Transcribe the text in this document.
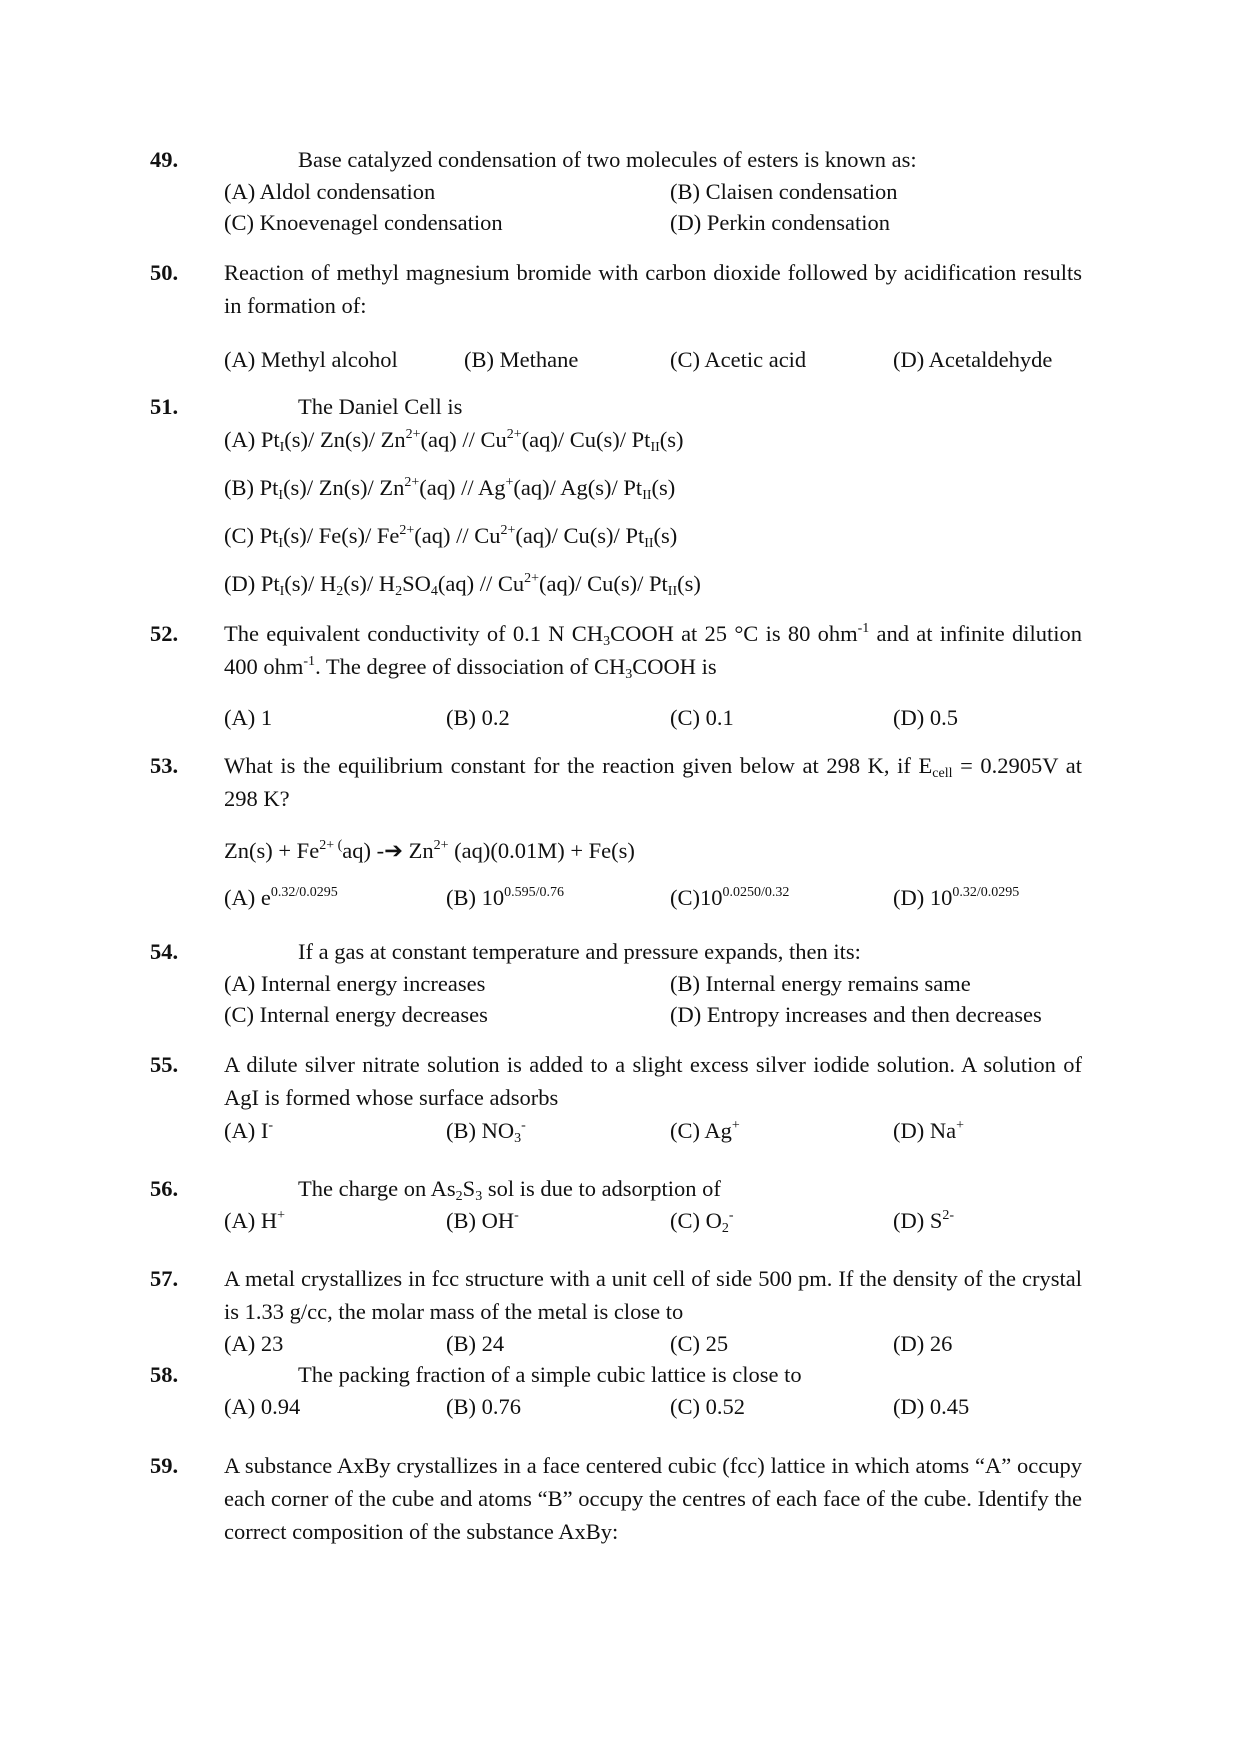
49.	Base catalyzed condensation of two molecules of esters is known as:
(A) Aldol condensation	(B) Claisen condensation
(C) Knoevenagel condensation	(D) Perkin condensation
50. Reaction of methyl magnesium bromide with carbon dioxide followed by acidification results in formation of:
(A) Methyl alcohol	(B) Methane	(C) Acetic acid	(D) Acetaldehyde
51.	The Daniel Cell is
(A) $Pt_I(s)/$ Zn(s)/ $Zn^{2+}(aq) // Cu^{2+}(aq)/$ Cu(s)/ $Pt_{II}(s)$
(B) $Pt_I(s)/$ Zn(s)/ $Zn^{2+}(aq) // Ag^+(aq)/$ Ag(s)/ $Pt_{II}(s)$
(C) $Pt_I(s)/$ Fe(s)/ $Fe^{2+}(aq) // Cu^{2+}(aq)/$ Cu(s)/ $Pt_{II}(s)$
(D) $Pt_I(s)/$ $H_2(s)/$ $H_2SO_4(aq) // Cu^{2+}(aq)/$ Cu(s)/ $Pt_{II}(s)$
52. The equivalent conductivity of 0.1 N $CH_3COOH$ at 25 °C is 80 ohm$^{-1}$ and at infinite dilution 400 ohm$^{-1}$. The degree of dissociation of $CH_3COOH$ is
(A) 1	(B) 0.2	(C) 0.1	(D) 0.5
53. What is the equilibrium constant for the reaction given below at 298 K, if $E_{cell} = 0.2905V$ at 298 K?
$Zn(s) + Fe^{2+ (}aq$) -➔ $Zn^{2+}$ (aq)(0.01M) + Fe(s)
(A) $e^{0.32/0.0295}$	(B) $10^{0.595/0.76}$	$(C)10^{0.0250/0.32}$	(D) $10^{0.32/0.0295}$
54.	If a gas at constant temperature and pressure expands, then its:
(A) Internal energy increases	(B) Internal energy remains same
(C) Internal energy decreases	(D) Entropy increases and then decreases
55. A dilute silver nitrate solution is added to a slight excess silver iodide solution. A solution of AgI is formed whose surface adsorbs
(A) I-	(B) $NO_3^-$	(C) Ag+	(D) Na+
56.	The charge on $As_2S_3$ sol is due to adsorption of
(A) H+	(B) OH-	(C) $O_2^-$	(D) $S^{2-}$
57. A metal crystallizes in fcc structure with a unit cell of side 500 pm. If the density of the crystal is 1.33 g/cc, the molar mass of the metal is close to
(A) 23	(B) 24	(C) 25	(D) 26
58.	The packing fraction of a simple cubic lattice is close to
(A) 0.94	(B) 0.76	(C) 0.52	(D) 0.45
59. A substance AxBy crystallizes in a face centered cubic (fcc) lattice in which atoms “A” occupy each corner of the cube and atoms “B” occupy the centres of each face of the cube. Identify the correct composition of the substance AxBy:
